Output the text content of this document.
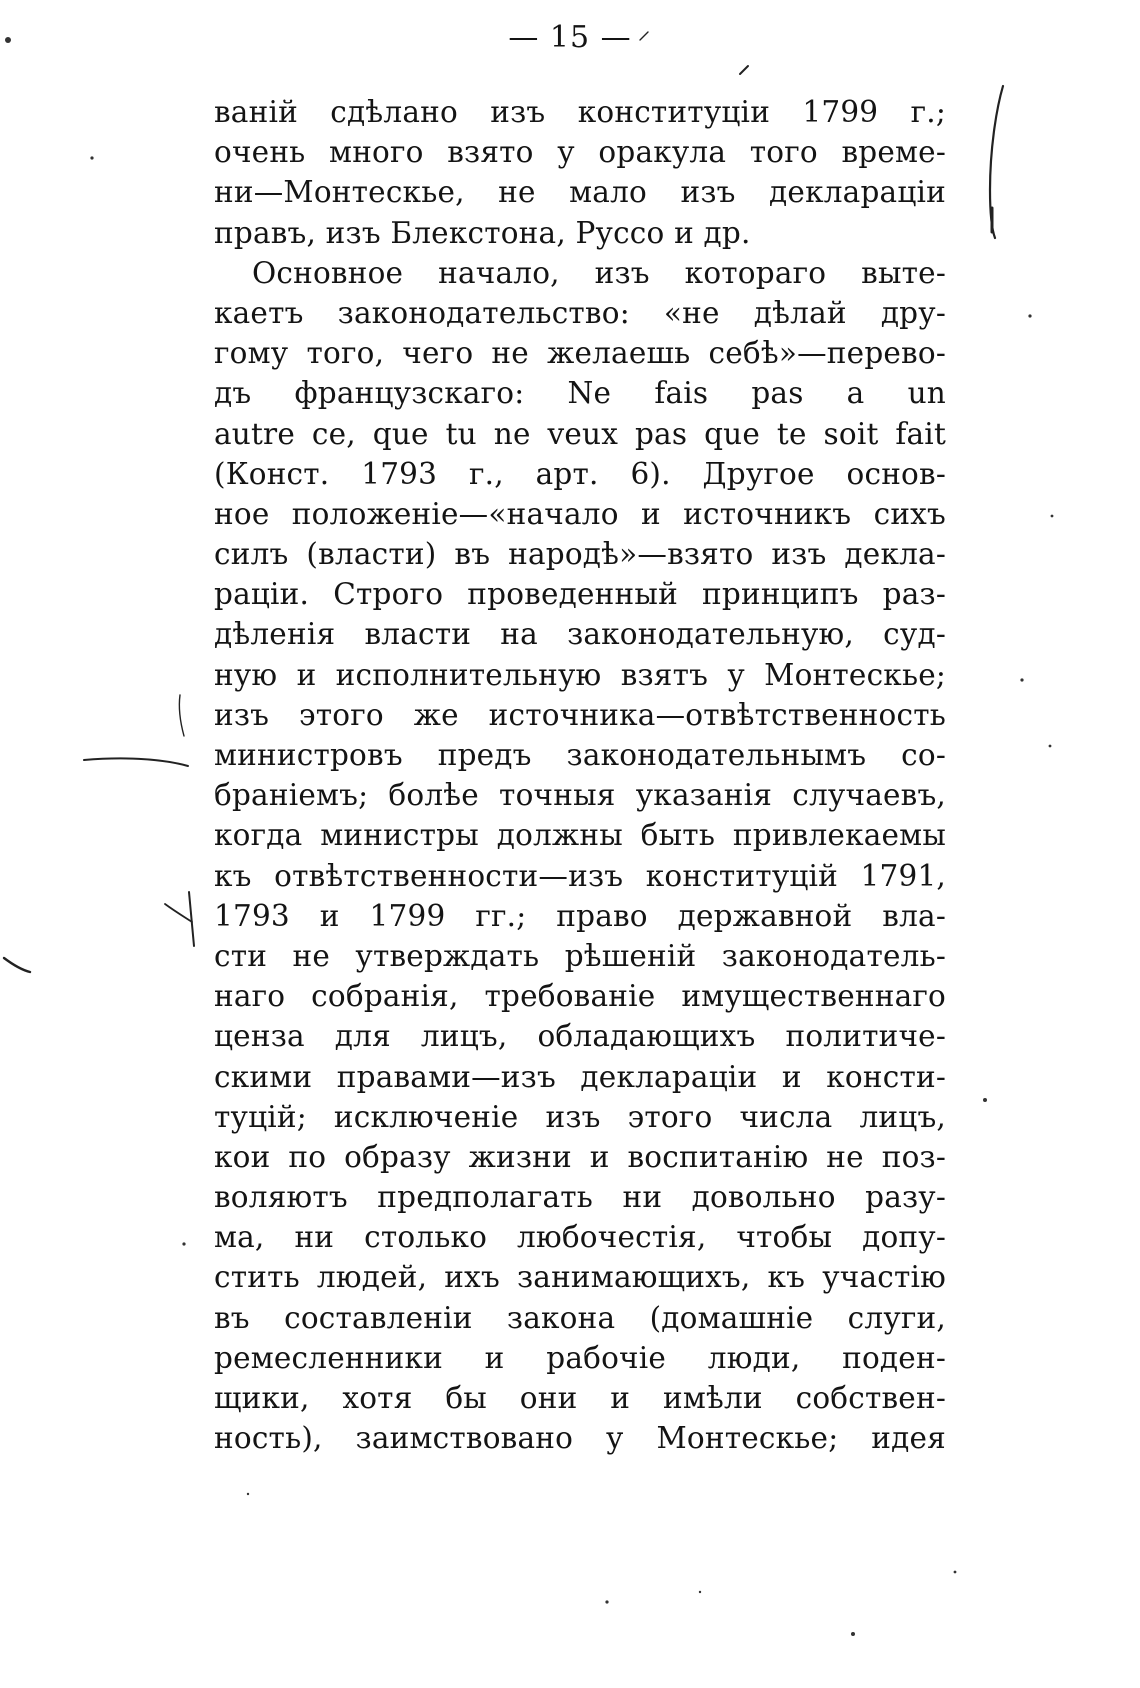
— 15 —
ваній сдѣлано изъ конституціи 1799 г.;
очень много взято у оракула того време-
ни—Монтескье, не мало изъ деклараціи
правъ, изъ Блекстона, Руссо и др.
Основное начало, изъ котораго выте-
каетъ законодательство: «не дѣлай дру-
гому того, чего не желаешь себѣ»—перево-
дъ французскаго: Ne fais pas a un
autre ce, que tu ne veux pas que te soit fait
(Конст. 1793 г., арт. 6). Другое основ-
ное положеніе—«начало и источникъ сихъ
силъ (власти) въ народѣ»—взято изъ декла-
раціи. Строго проведенный принципъ раз-
дѣленія власти на законодательную, суд-
ную и исполнительную взятъ у Монтескье;
изъ этого же источника—отвѣтственность
министровъ предъ законодательнымъ со-
браніемъ; болѣе точныя указанія случаевъ,
когда министры должны быть привлекаемы
къ отвѣтственности—изъ конституцій 1791,
1793 и 1799 гг.; право державной вла-
сти не утверждать рѣшеній законодатель-
наго собранія, требованіе имущественнаго
ценза для лицъ, обладающихъ политиче-
скими правами—изъ деклараціи и консти-
туцій; исключеніе изъ этого числа лицъ,
кои по образу жизни и воспитанію не поз-
воляютъ предполагать ни довольно разу-
ма, ни столько любочестія, чтобы допу-
стить людей, ихъ занимающихъ, къ участію
въ составленіи закона (домашніе слуги,
ремесленники и рабочіе люди, поден-
щики, хотя бы они и имѣли собствен-
ность), заимствовано у Монтескье; идея
